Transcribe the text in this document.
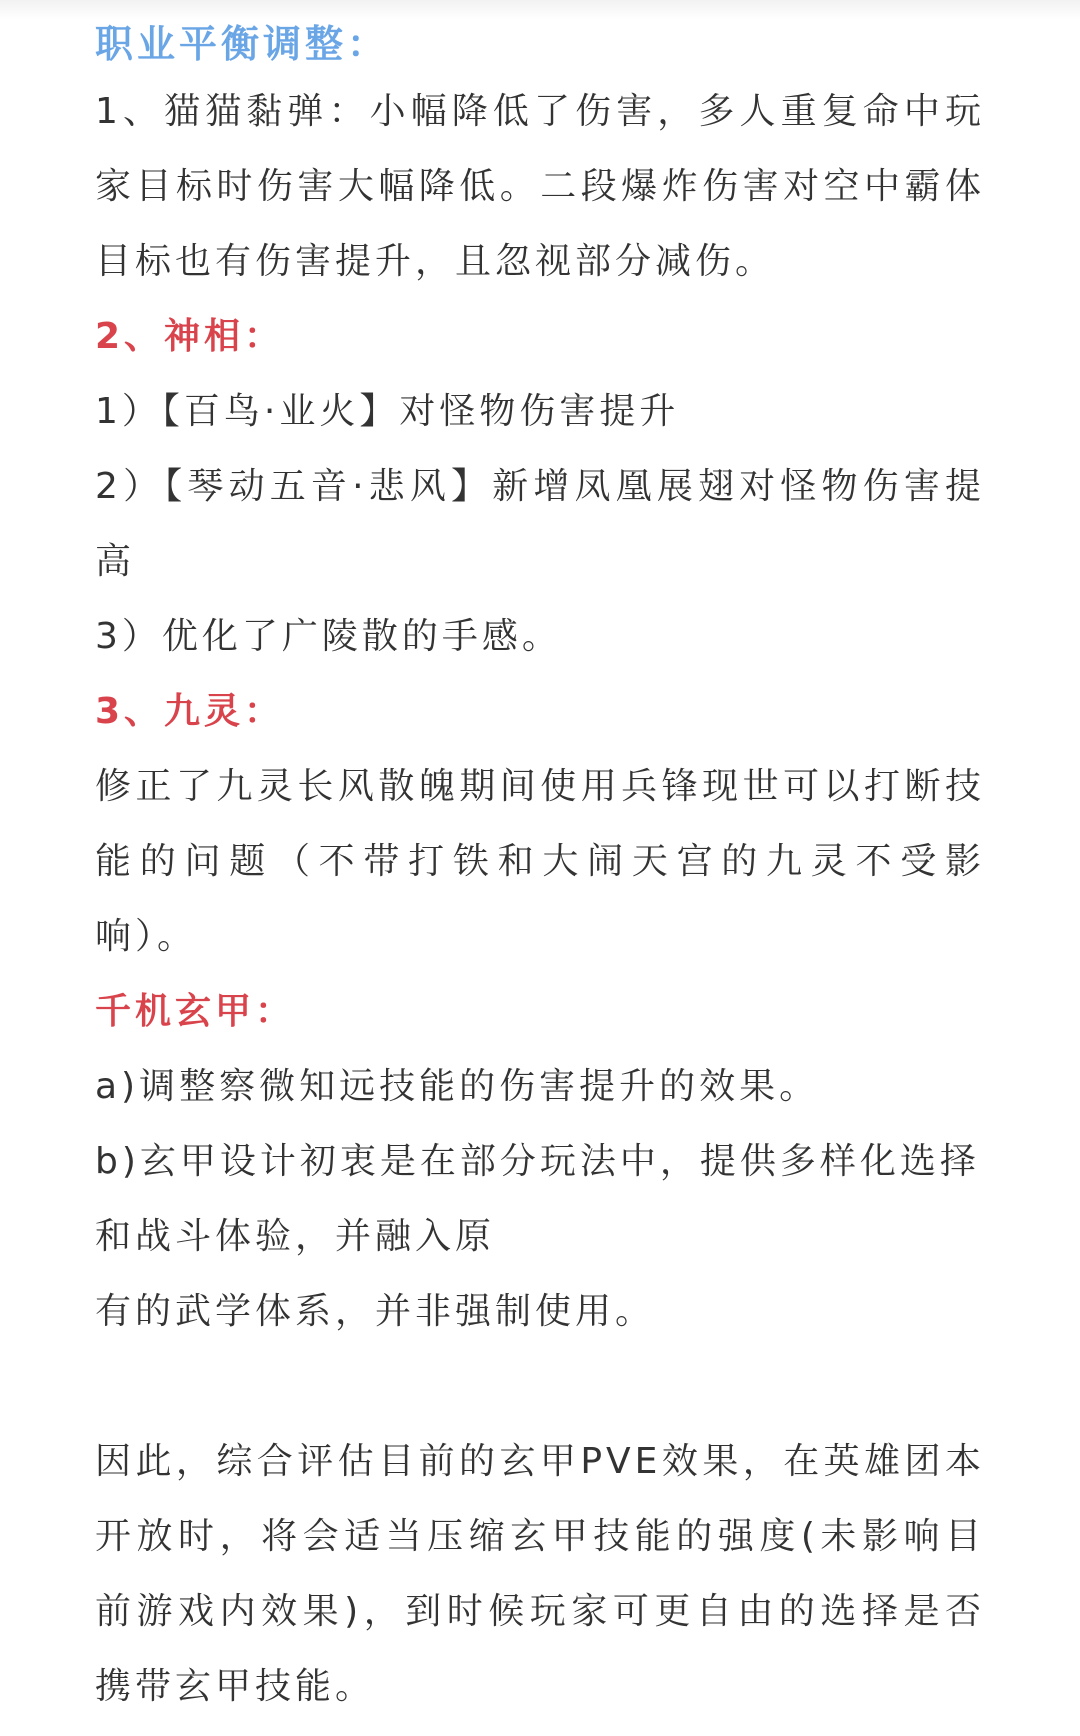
职业平衡调整：
1、猫猫黏弹：小幅降低了伤害，多人重复命中玩家目标时伤害大幅降低。二段爆炸伤害对空中霸体目标也有伤害提升，且忽视部分减伤。
2、神相：
1）【百鸟·业火】对怪物伤害提升
2）【琴动五音·悲风】新增凤凰展翅对怪物伤害提高
3）优化了广陵散的手感。
3、九灵：
修正了九灵长风散魄期间使用兵锋现世可以打断技能的问题（不带打铁和大闹天宫的九灵不受影响）。
千机玄甲：
a)调整察微知远技能的伤害提升的效果。
b)玄甲设计初衷是在部分玩法中，提供多样化选择
和战斗体验，并融入原
有的武学体系，并非强制使用。
因此，综合评估目前的玄甲PVE效果，在英雄团本开放时，将会适当压缩玄甲技能的强度(未影响目前游戏内效果)，到时候玩家可更自由的选择是否携带玄甲技能。
